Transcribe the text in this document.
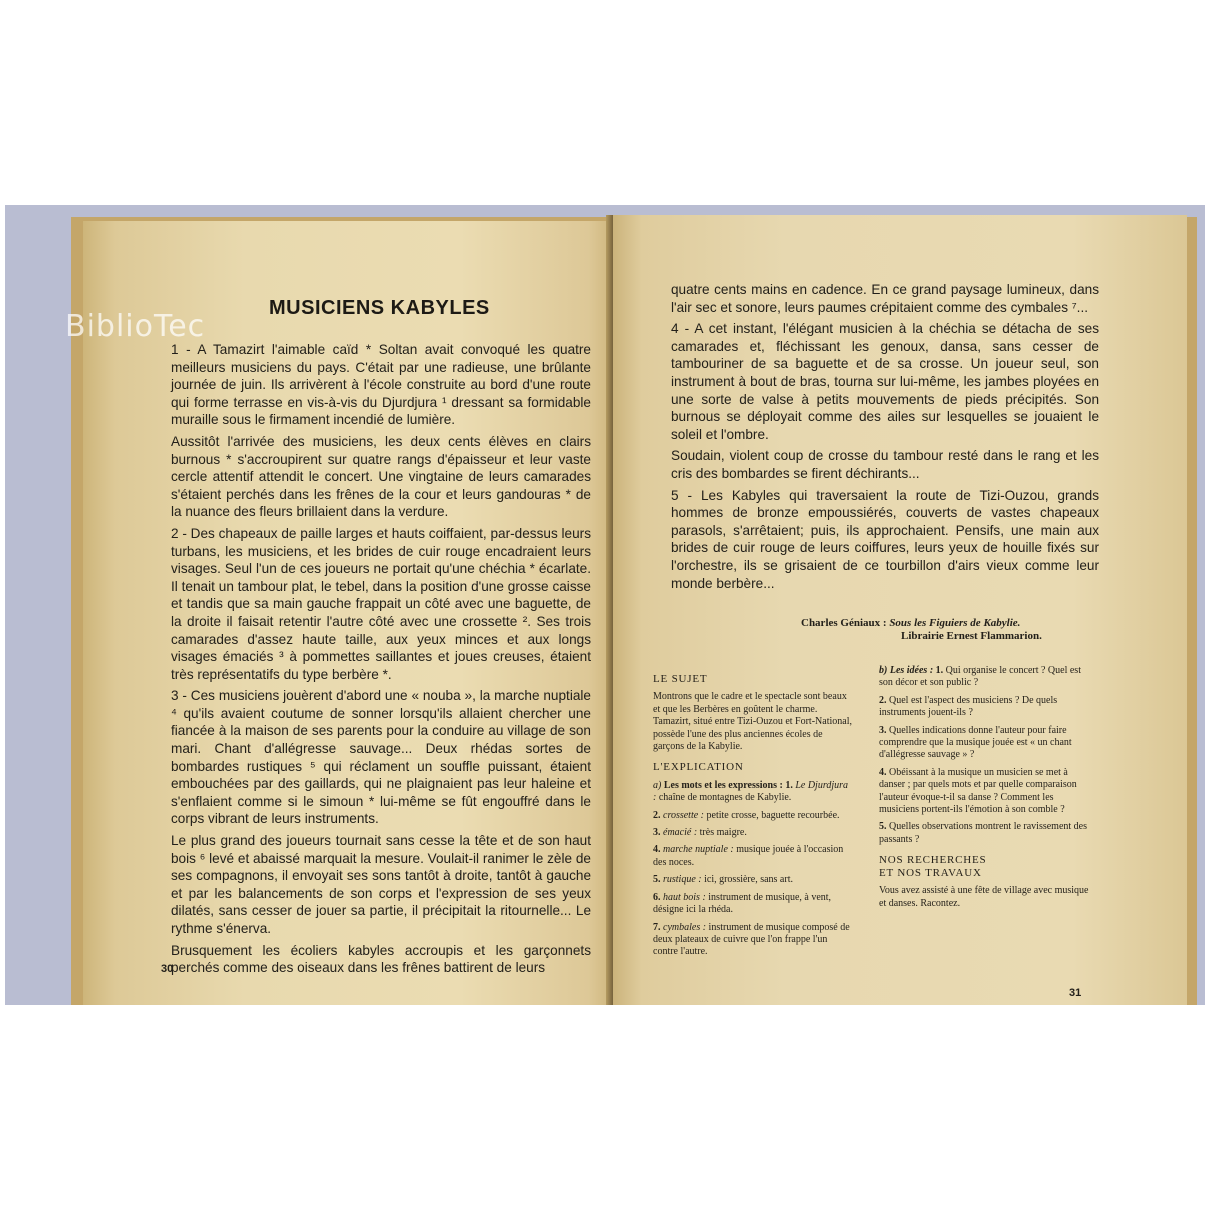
MUSICIENS KABYLES

1 - A Tamazirt l'aimable caïd * Soltan avait convoqué les quatre meilleurs musiciens du pays. C'était par une radieuse, une brûlante journée de juin. Ils arrivèrent à l'école construite au bord d'une route qui forme terrasse en vis-à-vis du Djurdjura ¹ dressant sa formidable muraille sous le firmament incendié de lumière.

Aussitôt l'arrivée des musiciens, les deux cents élèves en clairs burnous * s'accroupirent sur quatre rangs d'épaisseur et leur vaste cercle attentif attendit le concert. Une vingtaine de leurs camarades s'étaient perchés dans les frênes de la cour et leurs gandouras * de la nuance des fleurs brillaient dans la verdure.

2 - Des chapeaux de paille larges et hauts coiffaient, par-dessus leurs turbans, les musiciens, et les brides de cuir rouge encadraient leurs visages. Seul l'un de ces joueurs ne portait qu'une chéchia * écarlate. Il tenait un tambour plat, le tebel, dans la position d'une grosse caisse et tandis que sa main gauche frappait un côté avec une baguette, de la droite il faisait retentir l'autre côté avec une crossette ². Ses trois camarades d'assez haute taille, aux yeux minces et aux longs visages émaciés ³ à pommettes saillantes et joues creuses, étaient très représentatifs du type berbère *.

3 - Ces musiciens jouèrent d'abord une « nouba », la marche nuptiale ⁴ qu'ils avaient coutume de sonner lorsqu'ils allaient chercher une fiancée à la maison de ses parents pour la conduire au village de son mari. Chant d'allégresse sauvage... Deux rhédas sortes de bombardes rustiques ⁵ qui réclament un souffle puissant, étaient embouchées par des gaillards, qui ne plaignaient pas leur haleine et s'enflaient comme si le simoun * lui-même se fût engouffré dans le corps vibrant de leurs instruments.

Le plus grand des joueurs tournait sans cesse la tête et de son haut bois ⁶ levé et abaissé marquait la mesure. Voulait-il ranimer le zèle de ses compagnons, il envoyait ses sons tantôt à droite, tantôt à gauche et par les balancements de son corps et l'expression de ses yeux dilatés, sans cesser de jouer sa partie, il précipitait la ritournelle... Le rythme s'énerva.

Brusquement les écoliers kabyles accroupis et les garçonnets perchés comme des oiseaux dans les frênes battirent de leurs

30

quatre cents mains en cadence. En ce grand paysage lumineux, dans l'air sec et sonore, leurs paumes crépitaient comme des cymbales ⁷...

4 - A cet instant, l'élégant musicien à la chéchia se détacha de ses camarades et, fléchissant les genoux, dansa, sans cesser de tambouriner de sa baguette et de sa crosse. Un joueur seul, son instrument à bout de bras, tourna sur lui-même, les jambes ployées en une sorte de valse à petits mouvements de pieds précipités. Son burnous se déployait comme des ailes sur lesquelles se jouaient le soleil et l'ombre.

Soudain, violent coup de crosse du tambour resté dans le rang et les cris des bombardes se firent déchirants...

5 - Les Kabyles qui traversaient la route de Tizi-Ouzou, grands hommes de bronze empoussiérés, couverts de vastes chapeaux parasols, s'arrêtaient; puis, ils approchaient. Pensifs, une main aux brides de cuir rouge de leurs coiffures, leurs yeux de houille fixés sur l'orchestre, ils se grisaient de ce tourbillon d'airs vieux comme leur monde berbère...

Charles Géniaux : Sous les Figuiers de Kabylie.
Librairie Ernest Flammarion.
LE SUJET

Montrons que le cadre et le spectacle sont beaux et que les Berbères en goûtent le charme. Tamazirt, situé entre Tizi-Ouzou et Fort-National, possède l'une des plus anciennes écoles de garçons de la Kabylie.

L'EXPLICATION

a) Les mots et les expressions : 1. Le Djurdjura : chaîne de montagnes de Kabylie.

2. crossette : petite crosse, baguette recourbée.

3. émacié : très maigre.

4. marche nuptiale : musique jouée à l'occasion des noces.

5. rustique : ici, grossière, sans art.

6. haut bois : instrument de musique, à vent, désigne ici la rhéda.

7. cymbales : instrument de musique composé de deux plateaux de cuivre que l'on frappe l'un contre l'autre.

b) Les idées : 1. Qui organise le concert ? Quel est son décor et son public ?

2. Quel est l'aspect des musiciens ? De quels instruments jouent-ils ?

3. Quelles indications donne l'auteur pour faire comprendre que la musique jouée est « un chant d'allégresse sauvage » ?

4. Obéissant à la musique un musicien se met à danser ; par quels mots et par quelle comparaison l'auteur évoque-t-il sa danse ? Comment les musiciens portent-ils l'émotion à son comble ?

5. Quelles observations montrent le ravissement des passants ?

NOS RECHERCHES
ET NOS TRAVAUX

Vous avez assisté à une fête de village avec musique et danses. Racontez.

31
BiblioTec
